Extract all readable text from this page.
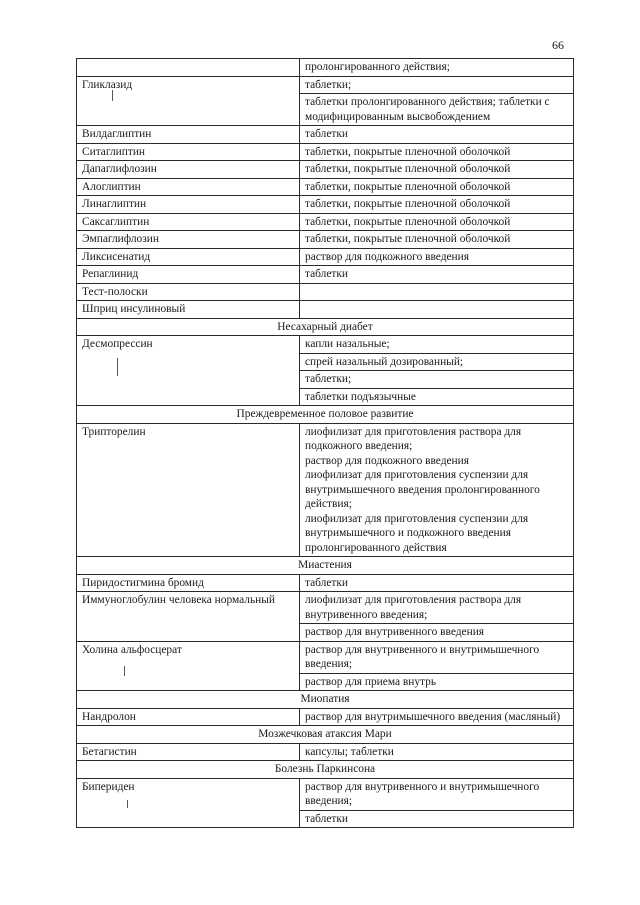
66

	пролонгированного действия;

Гликлазид	таблетки;
таблетки пролонгированного действия; таблетки с модифицированным высвобождением

Вилдаглиптин	таблетки

Ситаглиптин	таблетки, покрытые пленочной оболочкой

Дапаглифлозин	таблетки, покрытые пленочной оболочкой

Алоглиптин	таблетки, покрытые пленочной оболочкой

Линаглиптин	таблетки, покрытые пленочной оболочкой

Саксаглиптин	таблетки, покрытые пленочной оболочкой

Эмпаглифлозин	таблетки, покрытые пленочной оболочкой

Ликсисенатид	раствор для подкожного введения

Репаглинид	таблетки

Тест-полоски	

Шприц инсулиновый	

Несахарный диабет	
Десмопрессин	капли назальные;
спрей назальный дозированный;
таблетки;
таблетки подъязычные

Преждевременное половое развитие	
Трипторелин	лиофилизат для приготовления раствора для подкожного введения;
раствор для подкожного введения
лиофилизат для приготовления суспензии для внутримышечного введения пролонгированного действия;
лиофилизат для приготовления суспензии для внутримышечного и подкожного введения пролонгированного действия

Миастения	
Пиридостигмина бромид	таблетки

Иммуноглобулин человека нормальный	лиофилизат для приготовления раствора для внутривенного введения;
раствор для внутривенного введения

Холина альфосцерат	раствор для внутривенного и внутримышечного введения;
раствор для приема внутрь

Миопатия	
Нандролон	раствор для внутримышечного введения (масляный)

Мозжечковая атаксия Мари	
Бетагистин	капсулы; таблетки

Болезнь Паркинсона	
Бипериден	раствор для внутривенного и внутримышечного введения;
таблетки
